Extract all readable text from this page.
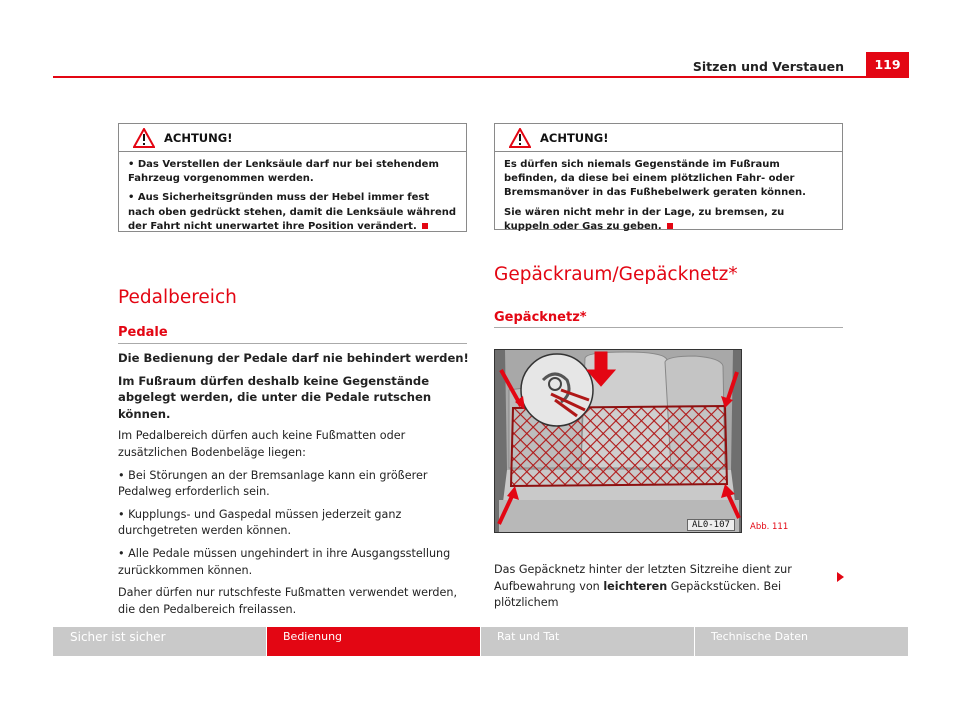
Sitzen und Verstauen	119
ACHTUNG!

• Das Verstellen der Lenksäule darf nur bei stehendem Fahrzeug vorgenommen werden.

• Aus Sicherheitsgründen muss der Hebel immer fest nach oben gedrückt stehen, damit die Lenksäule während der Fahrt nicht unerwartet ihre Position verändert.

ACHTUNG!

Es dürfen sich niemals Gegenstände im Fußraum befinden, da diese bei einem plötzlichen Fahr- oder Bremsmanöver in das Fußhebelwerk geraten können.

Sie wären nicht mehr in der Lage, zu bremsen, zu kuppeln oder Gas zu geben.

Pedalbereich
Pedale

Die Bedienung der Pedale darf nie behindert werden!

Im Fußraum dürfen deshalb keine Gegenstände abgelegt werden, die unter die Pedale rutschen können.

Im Pedalbereich dürfen auch keine Fußmatten oder zusätzlichen Bodenbeläge liegen:

• Bei Störungen an der Bremsanlage kann ein größerer Pedalweg erforderlich sein.

• Kupplungs- und Gaspedal müssen jederzeit ganz durchgetreten werden können.

• Alle Pedale müssen ungehindert in ihre Ausgangsstellung zurückkommen können.

Daher dürfen nur rutschfeste Fußmatten verwendet werden, die den Pedalbereich freilassen.

Gepäckraum/Gepäcknetz*
Gepäcknetz*
AL0-107	Abb. 111

Das Gepäcknetz hinter der letzten Sitzreihe dient zur Aufbewahrung von leichteren Gepäckstücken. Bei plötzlichem

Sicher ist sicher	Bedienung	Rat und Tat	Technische Daten
